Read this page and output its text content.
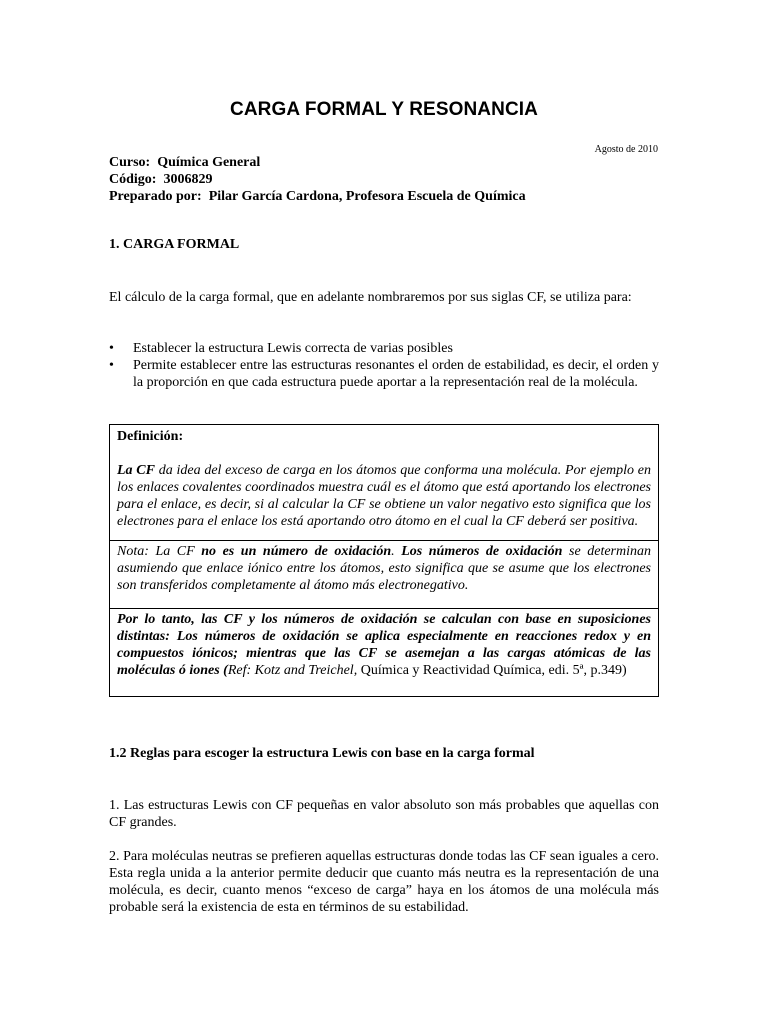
CARGA FORMAL Y RESONANCIA
Agosto de 2010
Curso: Química General
Código: 3006829
Preparado por: Pilar García Cardona, Profesora Escuela de Química
1. CARGA FORMAL
El cálculo de la carga formal, que en adelante nombraremos por sus siglas CF, se utiliza para:
• Establecer la estructura Lewis correcta de varias posibles
• Permite establecer entre las estructuras resonantes el orden de estabilidad, es decir, el orden y la proporción en que cada estructura puede aportar a la representación real de la molécula.
Definición:
La CF da idea del exceso de carga en los átomos que conforma una molécula. Por ejemplo en los enlaces covalentes coordinados muestra cuál es el átomo que está aportando los electrones para el enlace, es decir, si al calcular la CF se obtiene un valor negativo esto significa que los electrones para el enlace los está aportando otro átomo en el cual la CF deberá ser positiva.
Nota: La CF no es un número de oxidación. Los números de oxidación se determinan asumiendo que enlace iónico entre los átomos, esto significa que se asume que los electrones son transferidos completamente al átomo más electronegativo.
Por lo tanto, las CF y los números de oxidación se calculan con base en suposiciones distintas: Los números de oxidación se aplica especialmente en reacciones redox y en compuestos iónicos; mientras que las CF se asemejan a las cargas atómicas de las moléculas ó iones (Ref: Kotz and Treichel, Química y Reactividad Química, edi. 5ª, p.349)
1.2 Reglas para escoger la estructura Lewis con base en la carga formal
1. Las estructuras Lewis con CF pequeñas en valor absoluto son más probables que aquellas con CF grandes.
2. Para moléculas neutras se prefieren aquellas estructuras donde todas las CF sean iguales a cero. Esta regla unida a la anterior permite deducir que cuanto más neutra es la representación de una molécula, es decir, cuanto menos “exceso de carga” haya en los átomos de una molécula más probable será la existencia de esta en términos de su estabilidad.
